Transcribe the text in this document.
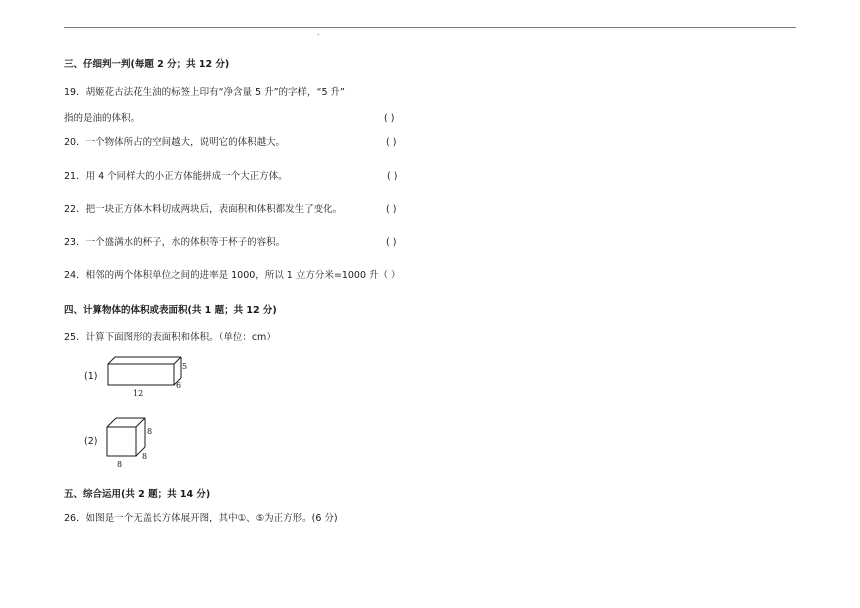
.
三、仔细判一判(每题 2 分；共 12 分)
19．胡姬花古法花生油的标签上印有“净含量 5 升”的字样，“5 升”
指的是油的体积。	( )
20．一个物体所占的空间越大，说明它的体积越大。	( )
21．用 4 个同样大的小正方体能拼成一个大正方体。	( )
22．把一块正方体木料切成两块后，表面积和体积都发生了变化。	( )
23．一个盛满水的杯子，水的体积等于杯子的容积。	( )
24．相邻的两个体积单位之间的进率是 1000，所以 1 立方分米=1000 升（ ）
四、计算物体的体积或表面积(共 1 题；共 12 分)
25．计算下面图形的表面积和体积。（单位：cm）
(1)
12
6
5
(2)
8
8
8
五、综合运用(共 2 题；共 14 分)
26．如图是一个无盖长方体展开图，其中①、⑤为正方形。(6 分)
